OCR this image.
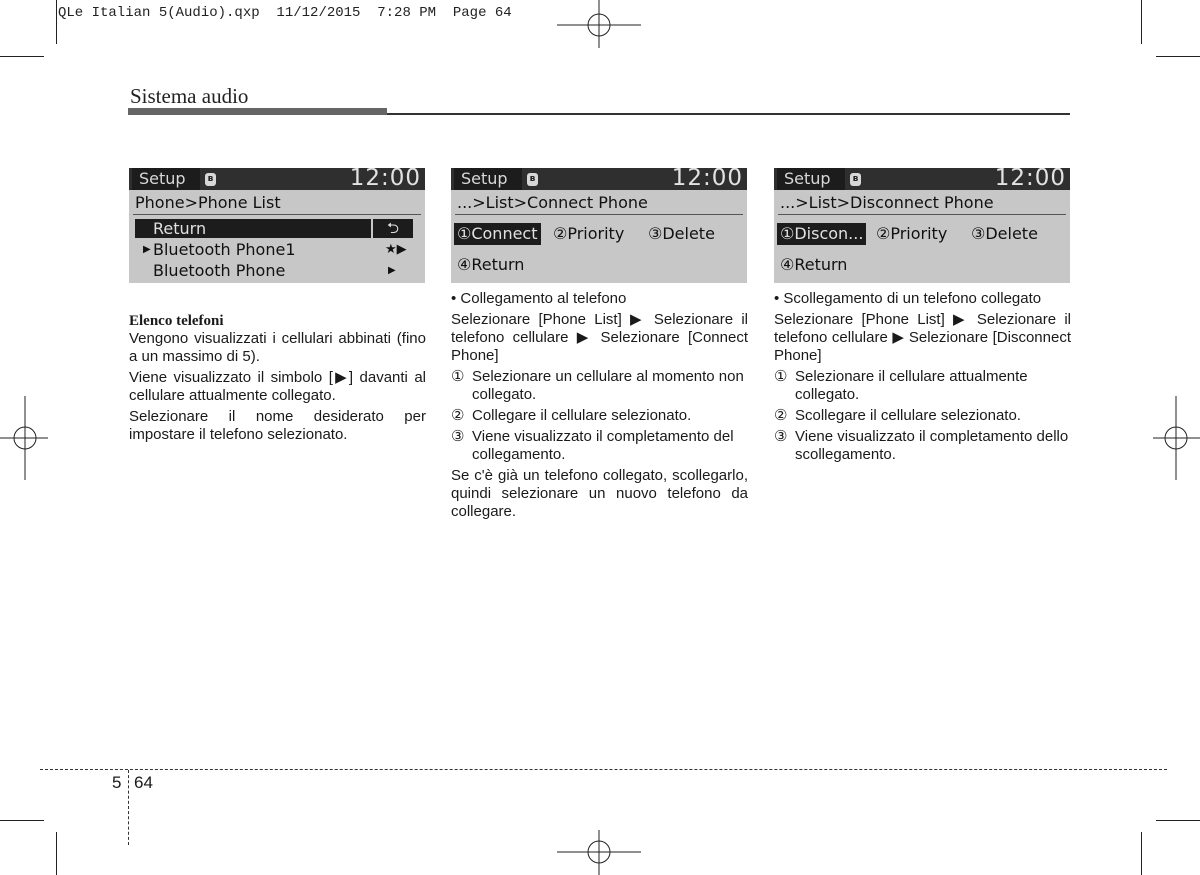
QLe Italian 5(Audio).qxp  11/12/2015  7:28 PM  Page 64
Sistema audio
Setup	ʙ	12:00
Phone>Phone List
Return	⮌
▶ Bluetooth Phone1	★▶
Bluetooth Phone	▶
Setup	ʙ	12:00
...>List>Connect Phone
①Connect ②Priority ③Delete
④Return
Setup	ʙ	12:00
...>List>Disconnect Phone
①Discon... ②Priority ③Delete
④Return

Elenco telefoni

Vengono visualizzati i cellulari abbinati (fino a un massimo di 5).

Viene visualizzato il simbolo [▶] davanti al cellulare attualmente collegato.

Selezionare il nome desiderato per impostare il telefono selezionato.

• Collegamento al telefono

Selezionare [Phone List] ▶ Selezionare il telefono cellulare ▶ Selezionare [Connect Phone]

① Selezionare un cellulare al momento non collegato.
② Collegare il cellulare selezionato.
③ Viene visualizzato il completamento del collegamento.

Se c'è già un telefono collegato, scollegarlo, quindi selezionare un nuovo telefono da collegare.

• Scollegamento di un telefono collegato

Selezionare [Phone List] ▶ Selezionare il telefono cellulare ▶ Selezionare [Disconnect Phone]

① Selezionare il cellulare attualmente collegato.
② Scollegare il cellulare selezionato.
③ Viene visualizzato il completamento dello scollegamento.
5 64
